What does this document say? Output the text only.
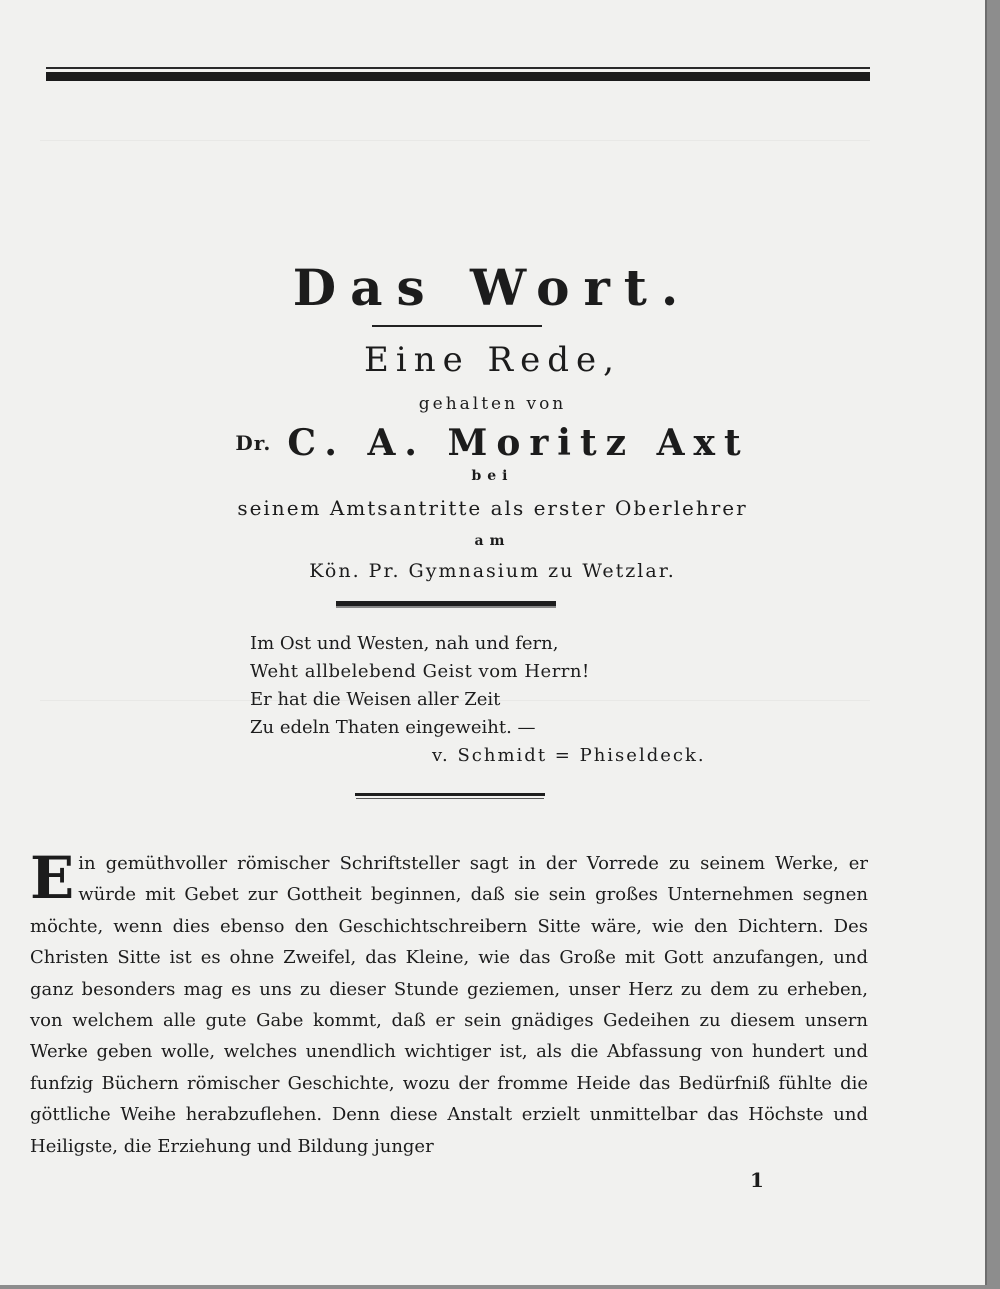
Das Wort.
Eine Rede,
gehalten von
Dr. C. A. Moritz Axt
bei
seinem Amtsantritte als erster Oberlehrer
am
Kön. Pr. Gymnasium zu Wetzlar.
Im Ost und Westen, nah und fern,
Weht allbelebend Geist vom Herrn!
Er hat die Weisen aller Zeit
Zu edeln Thaten eingeweiht. —
v. Schmidt = Phiseldeck.

Ein gemüthvoller römischer Schriftsteller sagt in der Vorrede zu seinem Werke, er würde mit Gebet zur Gottheit beginnen, daß sie sein großes Unternehmen segnen möchte, wenn dies ebenso den Geschichtschreibern Sitte wäre, wie den Dichtern. Des Christen Sitte ist es ohne Zweifel, das Kleine, wie das Große mit Gott anzufangen, und ganz besonders mag es uns zu dieser Stunde geziemen, unser Herz zu dem zu erheben, von welchem alle gute Gabe kommt, daß er sein gnädiges Gedeihen zu diesem unsern Werke geben wolle, welches unendlich wichtiger ist, als die Abfassung von hundert und funfzig Büchern römischer Geschichte, wozu der fromme Heide das Bedürfniß fühlte die göttliche Weihe herabzuflehen. Denn diese Anstalt erzielt unmittelbar das Höchste und Heiligste, die Erziehung und Bildung junger

1
